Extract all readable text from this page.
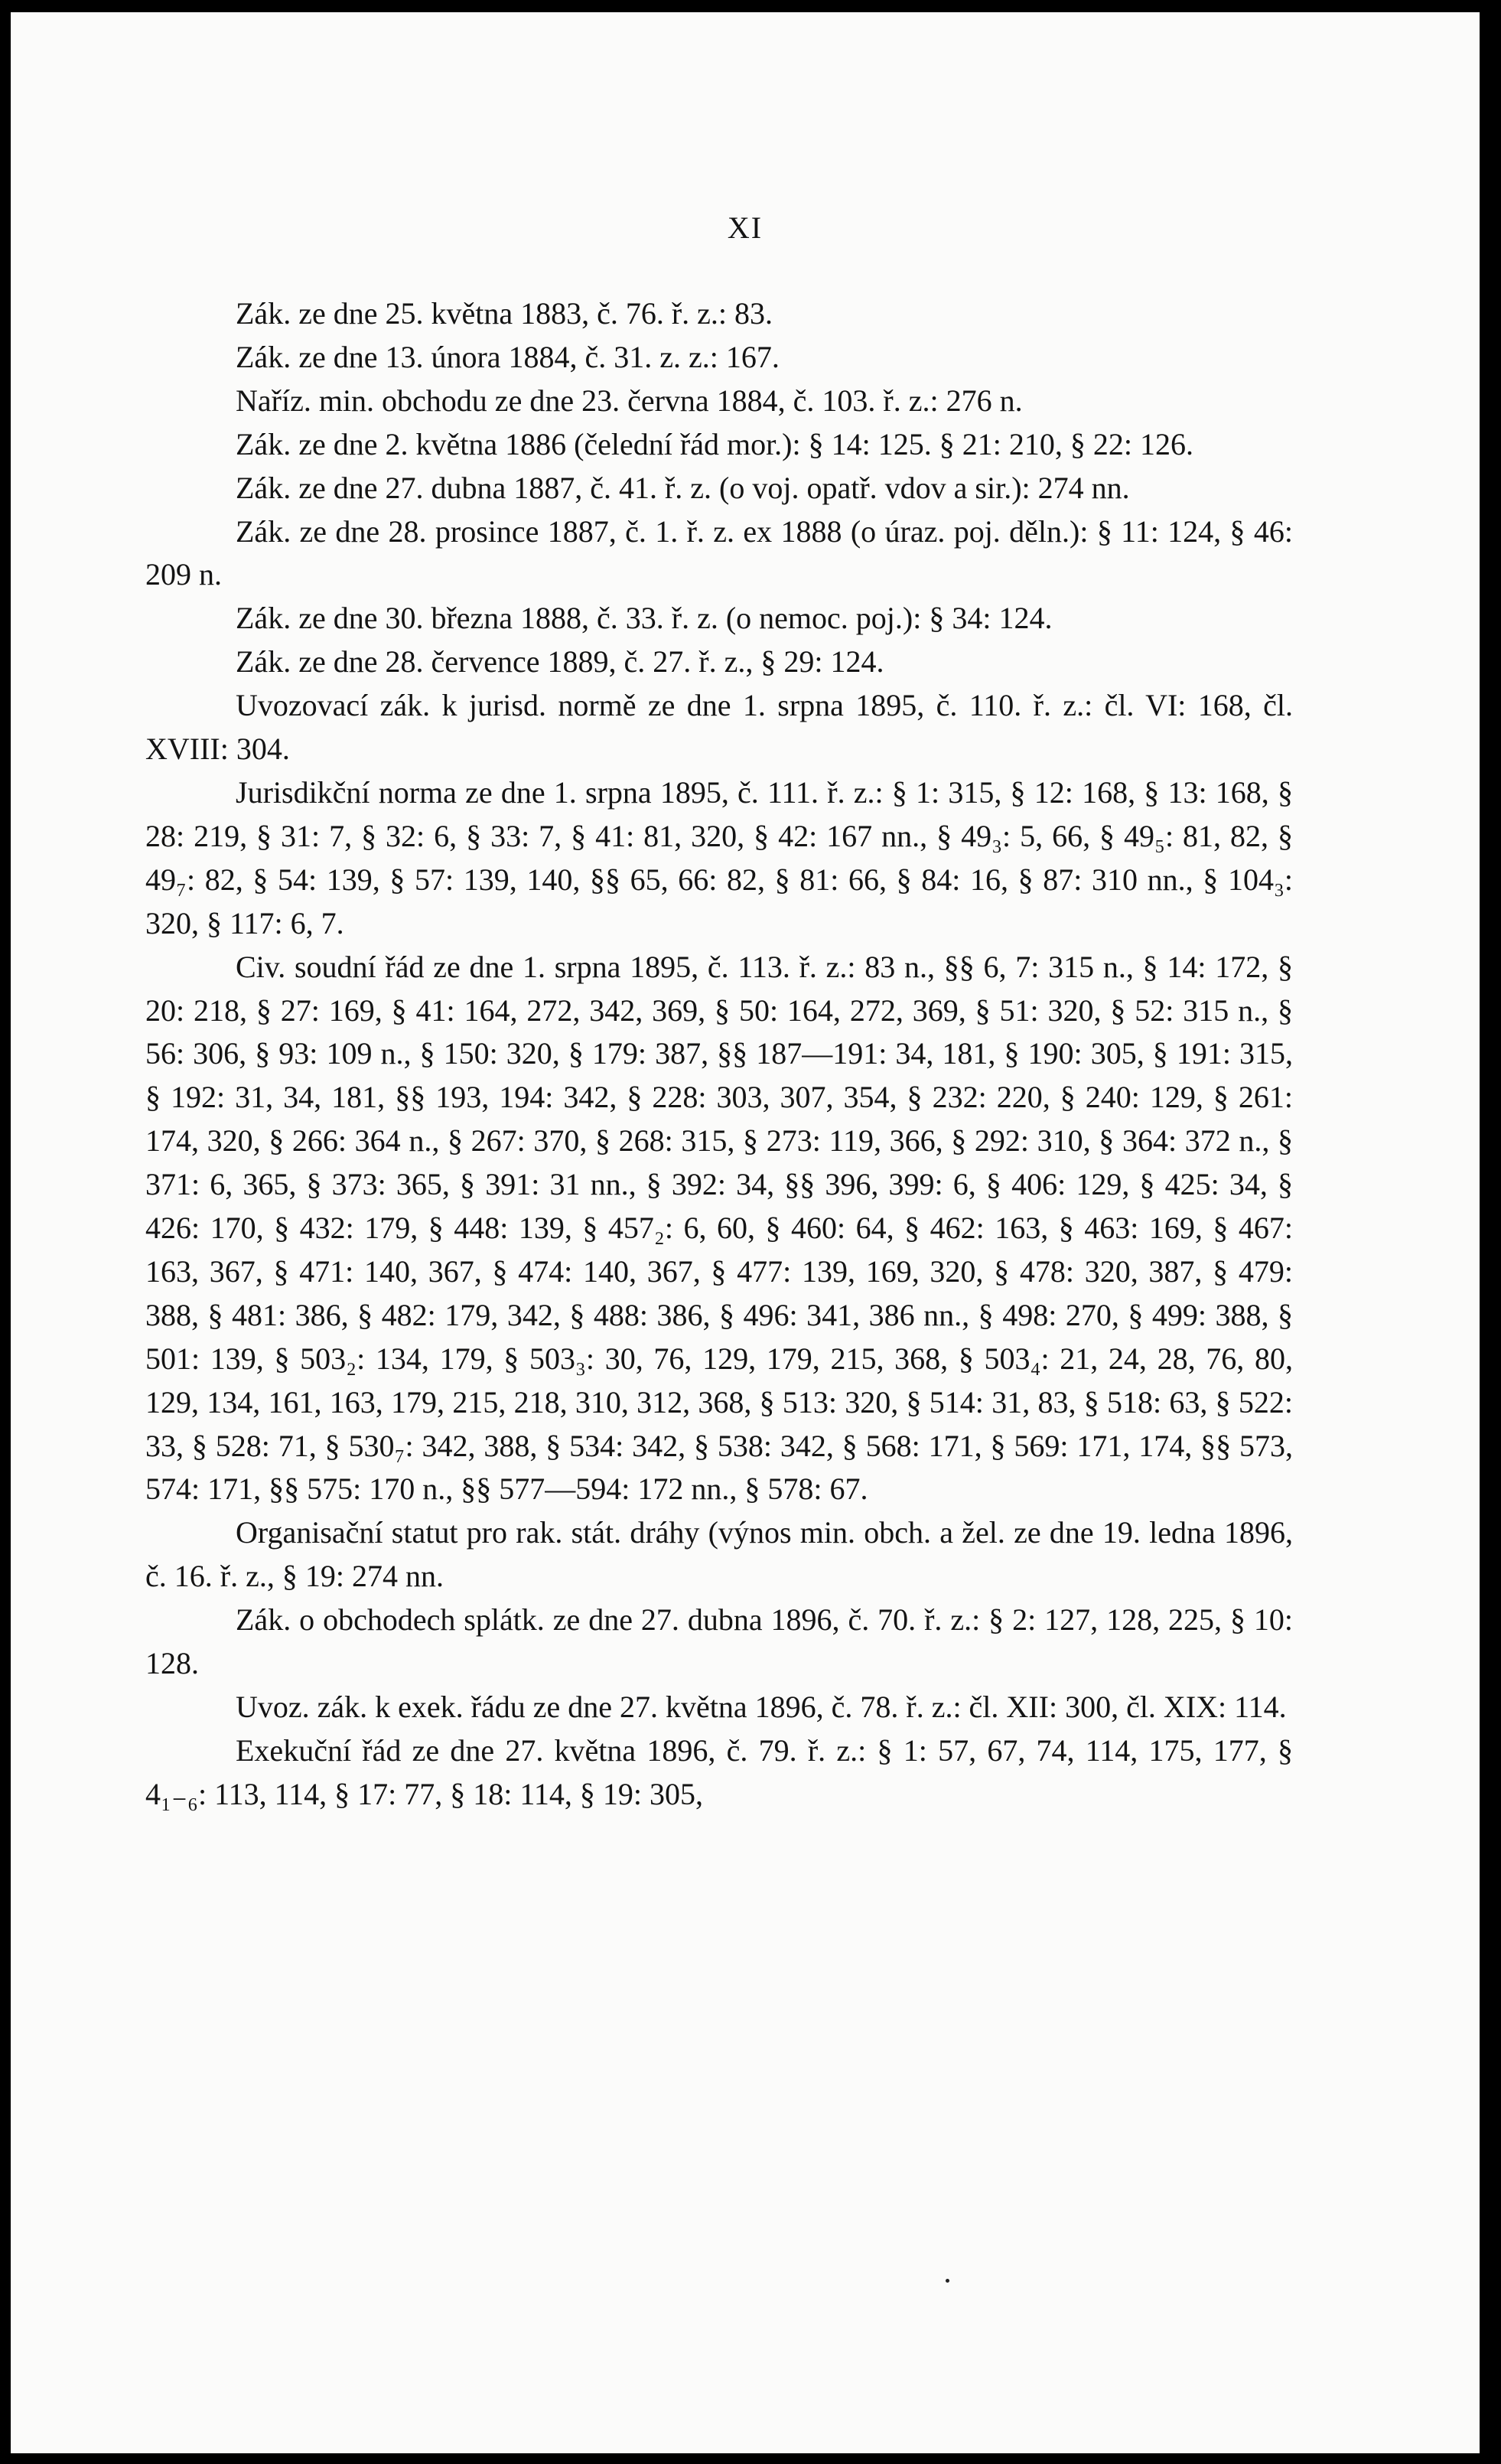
XI

Zák. ze dne 25. května 1883, č. 76. ř. z.: 83.

Zák. ze dne 13. února 1884, č. 31. z. z.: 167.

Naříz. min. obchodu ze dne 23. června 1884, č. 103. ř. z.: 276 n.

Zák. ze dne 2. května 1886 (čelední řád mor.): § 14: 125. § 21: 210, § 22: 126.

Zák. ze dne 27. dubna 1887, č. 41. ř. z. (o voj. opatř. vdov a sir.): 274 nn.

Zák. ze dne 28. prosince 1887, č. 1. ř. z. ex 1888 (o úraz. poj. děln.): § 11: 124, § 46: 209 n.

Zák. ze dne 30. března 1888, č. 33. ř. z. (o nemoc. poj.): § 34: 124.

Zák. ze dne 28. července 1889, č. 27. ř. z., § 29: 124.

Uvozovací zák. k jurisd. normě ze dne 1. srpna 1895, č. 110. ř. z.: čl. VI: 168, čl. XVIII: 304.

Jurisdikční norma ze dne 1. srpna 1895, č. 111. ř. z.: § 1: 315, § 12: 168, § 13: 168, § 28: 219, § 31: 7, § 32: 6, § 33: 7, § 41: 81, 320, § 42: 167 nn., § 49₃: 5, 66, § 49₅: 81, 82, § 49₇: 82, § 54: 139, § 57: 139, 140, §§ 65, 66: 82, § 81: 66, § 84: 16, § 87: 310 nn., § 104₃: 320, § 117: 6, 7.

Civ. soudní řád ze dne 1. srpna 1895, č. 113. ř. z.: 83 n., §§ 6, 7: 315 n., § 14: 172, § 20: 218, § 27: 169, § 41: 164, 272, 342, 369, § 50: 164, 272, 369, § 51: 320, § 52: 315 n., § 56: 306, § 93: 109 n., § 150: 320, § 179: 387, §§ 187—191: 34, 181, § 190: 305, § 191: 315, § 192: 31, 34, 181, §§ 193, 194: 342, § 228: 303, 307, 354, § 232: 220, § 240: 129, § 261: 174, 320, § 266: 364 n., § 267: 370, § 268: 315, § 273: 119, 366, § 292: 310, § 364: 372 n., § 371: 6, 365, § 373: 365, § 391: 31 nn., § 392: 34, §§ 396, 399: 6, § 406: 129, § 425: 34, § 426: 170, § 432: 179, § 448: 139, § 457₂: 6, 60, § 460: 64, § 462: 163, § 463: 169, § 467: 163, 367, § 471: 140, 367, § 474: 140, 367, § 477: 139, 169, 320, § 478: 320, 387, § 479: 388, § 481: 386, § 482: 179, 342, § 488: 386, § 496: 341, 386 nn., § 498: 270, § 499: 388, § 501: 139, § 503₂: 134, 179, § 503₃: 30, 76, 129, 179, 215, 368, § 503₄: 21, 24, 28, 76, 80, 129, 134, 161, 163, 179, 215, 218, 310, 312, 368, § 513: 320, § 514: 31, 83, § 518: 63, § 522: 33, § 528: 71, § 530₇: 342, 388, § 534: 342, § 538: 342, § 568: 171, § 569: 171, 174, §§ 573, 574: 171, §§ 575: 170 n., §§ 577—594: 172 nn., § 578: 67.

Organisační statut pro rak. stát. dráhy (výnos min. obch. a žel. ze dne 19. ledna 1896, č. 16. ř. z., § 19: 274 nn.

Zák. o obchodech splátk. ze dne 27. dubna 1896, č. 70. ř. z.: § 2: 127, 128, 225, § 10: 128.

Uvoz. zák. k exek. řádu ze dne 27. května 1896, č. 78. ř. z.: čl. XII: 300, čl. XIX: 114.

Exekuční řád ze dne 27. května 1896, č. 79. ř. z.: § 1: 57, 67, 74, 114, 175, 177, § 4₁₋₆: 113, 114, § 17: 77, § 18: 114, § 19: 305,
